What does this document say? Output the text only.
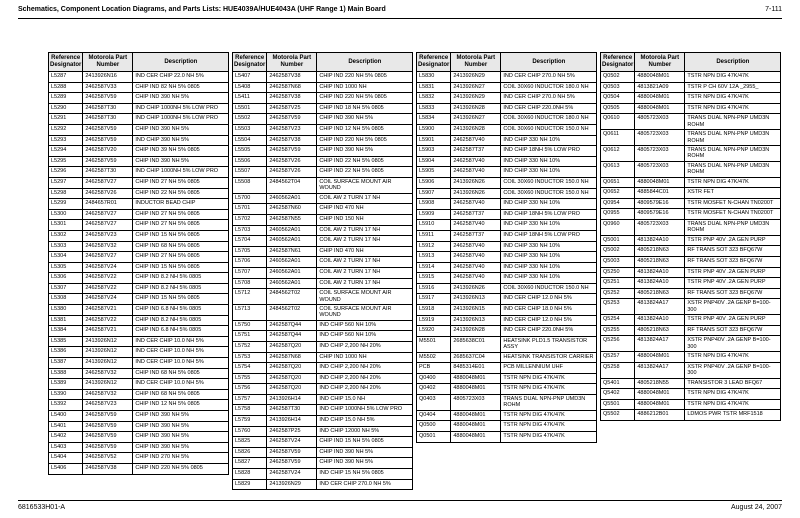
Schematics, Component Location Diagrams, and Parts Lists: HUE4039A/HUE4043A (UHF Range 1) Main Board	7-111
Reference Designator	Motorola Part Number	Description
L5287	2413926N16	IND CER CHIP 22.0 NH 5%
L5288	2462587V33	CHIP IND 82 NH 5% 0805
L5289	2462587V59	CHIP IND 390 NH 5%
L5290	2462587T30	IND CHIP 1000NH 5% LOW PRO
L5291	2462587T30	IND CHIP 1000NH 5% LOW PRO
L5292	2462587V59	CHIP IND 390 NH 5%
L5293	2462587V59	IND CHIP 390 NH 5%
L5294	2462587V20	CHIP IND 39 NH 5% 0805
L5295	2462587V59	CHIP IND 390 NH 5%
L5296	2462587T30	IND CHIP 1000NH 5% LOW PRO
L5297	2462587V27	CHIP IND 27 NH 5% 0805
L5298	2462587V26	CHIP IND 22 NH 5% 0805
L5299	2484657R01	INDUCTOR BEAD CHIP
L5300	2462587V27	CHIP IND 27 NH 5% 0805
L5301	2462587V27	CHIP IND 27 NH 5% 0805
L5302	2462587V23	CHIP IND 15 NH 5% 0805
L5303	2462587V32	CHIP IND 68 NH 5% 0805
L5304	2462587V27	CHIP IND 27 NH 5% 0805
L5305	2462587V24	CHIP IND 15 NH 5% 0805
L5306	2462587V22	CHIP IND 8.2 NH 5% 0805
L5307	2462587V22	CHIP IND 8.2 NH 5% 0805
L5308	2462587V24	CHIP IND 15 NH 5% 0805
L5380	2462587V21	CHIP IND 6.8 NH 5% 0805
L5381	2462587V22	CHIP IND 8.2 NH 5% 0805
L5384	2462587V21	CHIP IND 6.8 NH 5% 0805
L5385	2413926N12	IND CER CHIP 10.0 NH 5%
L5386	2413926N12	IND CER CHIP 10.0 NH 5%
L5387	2413926N12	IND CER CHIP 10.0 NH 5%
L5388	2462587V32	CHIP IND 68 NH 5% 0805
L5389	2413926N12	IND CER CHIP 10.0 NH 5%
L5390	2462587V32	CHIP IND 68 NH 5% 0805
L5392	2462587V23	CHIP IND 12 NH 5% 0805
L5400	2462587V59	CHIP IND 390 NH 5%
L5401	2462587V59	CHIP IND 390 NH 5%
L5402	2462587V59	CHIP IND 390 NH 5%
L5403	2462587V59	CHIP IND 390 NH 5%
L5404	2462587V52	CHIP IND 270 NH 5%
L5406	2462587V38	CHIP IND 220 NH 5% 0805
Reference Designator	Motorola Part Number	Description
L5407	2462587V38	CHIP IND 220 NH 5% 0805
L5408	2462587N68	CHIP IND 1000 NH
L5411	2462587V38	CHIP IND 220 NH 5% 0805
L5501	2462587V25	CHIP IND 18 NH 5% 0805
L5502	2462587V59	CHIP IND 390 NH 5%
L5503	2462587V23	CHIP IND 12 NH 5% 0805
L5504	2462587V38	CHIP IND 220 NH 5% 0805
L5505	2462587V59	CHIP IND 390 NH 5%
L5506	2462587V26	CHIP IND 22 NH 5% 0805
L5507	2462587V26	CHIP IND 22 NH 5% 0805
L5508	2484562T04	COIL SURFACE MOUNT AIR WOUND
L5700	2460562A01	COIL AW 2 TURN 17 NH
L5701	2462587N60	CHIP IND 470 NH
L5702	2462587N55	CHIP IND 150 NH
L5703	2460562A01	COIL AW 2 TURN 17 NH
L5704	2460562A01	COIL AW 2 TURN 17 NH
L5705	2462587N61	CHIP IND 470 NH
L5706	2460562A01	COIL AW 2 TURN 17 NH
L5707	2460562A01	COIL AW 2 TURN 17 NH
L5708	2460562A01	COIL AW 2 TURN 17 NH
L5712	2484562T02	COIL SURFACE MOUNT AIR WOUND
L5713	2484562T02	COIL SURFACE MOUNT AIR WOUND
L5750	2462587Q44	IND CHIP 560 NH 10%
L5751	2462587Q44	IND CHIP 560 NH 10%
L5752	2462587Q20	IND CHIP 2,200 NH 20%
L5753	2462587N68	CHIP IND 1000 NH
L5754	2462587Q20	IND CHIP 2,200 NH 20%
L5755	2462587Q20	IND CHIP 2,200 NH 20%
L5756	2462587Q20	IND CHIP 2,200 NH 20%
L5757	2413926H14	IND CHIP 15.0 NH
L5758	2462587T30	IND CHIP 1000NH 5% LOW PRO
L5759	2413926H14	IND CHIP 15.0 NH 5%
L5760	2462587P25	IND CHIP 12000 NH 5%
L5825	2462587V24	CHIP IND 15 NH 5% 0805
L5826	2462587V59	CHIP IND 390 NH 5%
L5827	2462587V59	CHIP IND 390 NH 5%
L5828	2462587V24	IND CHIP 15 NH 5% 0805
L5829	2413926N29	IND CER CHIP 270.0 NH 5%
Reference Designator	Motorola Part Number	Description
L5830	2413926N29	IND CER CHIP 270.0 NH 5%
L5831	2413926N27	COIL 30X60 INDUCTOR 180.0 NH
L5832	2413926N29	IND CER CHIP 270.0 NH 5%
L5833	2413926N28	IND CER CHIP 220.0NH 5%
L5834	2413926N27	COIL 30X60 INDUCTOR 180.0 NH
L5900	2413926N28	COIL 30X60 INDUCTOR 150.0 NH
L5901	2462587V40	IND CHIP 330 NH 10%
L5903	2462587T37	IND CHIP 18NH 5% LOW PRO
L5904	2462587V40	IND CHIP 330 NH 10%
L5905	2462587V40	IND CHIP 330 NH 10%
L5906	2413926N26	COIL 30X60 INDUCTOR 150.0 NH
L5907	2413926N26	COIL 30X60 INDUCTOR 150.0 NH
L5908	2462587V40	IND CHIP 330 NH 10%
L5909	2462587T37	IND CHIP 18NH 5% LOW PRO
L5910	2462587V40	IND CHIP 330 NH 10%
L5911	2462587T37	IND CHIP 18NH 5% LOW PRO
L5912	2462587V40	IND CHIP 330 NH 10%
L5913	2462587V40	IND CHIP 330 NH 10%
L5914	2462587V40	IND CHIP 330 NH 10%
L5915	2462587V40	IND CHIP 330 NH 10%
L5916	2413926N26	COIL 30X60 INDUCTOR 150.0 NH
L5917	2413926N13	IND CER CHIP 12.0 NH 5%
L5918	2413926N15	IND CER CHIP 18.0 NH 5%
L5919	2413926N13	IND CER CHIP 12.0 NH 5%
L5920	2413926N28	IND CER CHIP 220.0NH 5%
M5501	2685638C01	HEATSINK PLD1.5 TRANSISTOR ASSY
M5502	2685637C04	HEATSINK TRANSISTOR CARRIER
PCB	8485314E01	PCB MILLENNIUM UHF
Q0400	4880048M01	TSTR NPN DIG 47K/47K
Q0402	4880048M01	TSTR NPN DIG 47K/47K
Q0403	4805723X03	TRANS DUAL NPN-PNP UMD3N ROHM
Q0404	4880048M01	TSTR NPN DIG 47K/47K
Q0500	4880048M01	TSTR NPN DIG 47K/47K
Q0501	4880048M01	TSTR NPN DIG 47K/47K
Reference Designator	Motorola Part Number	Description
Q0502	4880048M01	TSTR NPN DIG 47K/47K
Q0503	4813821A09	TSTR P CH 60V 12A _2955_
Q0504	4880048M01	TSTR NPN DIG 47K/47K
Q0505	4880048M01	TSTR NPN DIG 47K/47K
Q0610	4805723X03	TRANS DUAL NPN-PNP UMD3N ROHM
Q0611	4805723X03	TRANS DUAL NPN-PNP UMD3N ROHM
Q0612	4805723X03	TRANS DUAL NPN-PNP UMD3N ROHM
Q0613	4805723X03	TRANS DUAL NPN-PNP UMD3N ROHM
Q0651	4880048M01	TSTR NPN DIG 47K/47K
Q0652	4885844C01	XSTR FET
Q0954	4809579E16	TSTR MOSFET N-CHAN TN0200T
Q0955	4809579E16	TSTR MOSFET N-CHAN TN0200T
Q0960	4805723X03	TRANS DUAL NPN-PNP UMD3N ROHM
Q5001	4813824A10	TSTR PNP 40V .2A GEN PURP
Q5002	4805218N63	RF TRANS SOT 323 BFQ67W
Q5003	4805218N63	RF TRANS SOT 323 BFQ67W
Q5250	4813824A10	TSTR PNP 40V .2A GEN PURP
Q5251	4813824A10	TSTR PNP 40V .2A GEN PURP
Q5252	4805218N63	RF TRANS SOT 323 BFQ67W
Q5253	4813824A17	XSTR PNP40V .2A GENP B=100-300
Q5254	4813824A10	TSTR PNP 40V .2A GEN PURP
Q5255	4805218N63	RF TRANS SOT 323 BFQ67W
Q5256	4813824A17	XSTR PNP40V .2A GENP B=100-300
Q5257	4880048M01	TSTR NPN DIG 47K/47K
Q5258	4813824A17	XSTR PNP40V .2A GENP B=100-300
Q5401	4805218N55	TRANSISTOR 3 LEAD BFQ67
Q5402	4880048M01	TSTR NPN DIG 47K/47K
Q5501	4880048M01	TSTR NPN DIG 47K/47K
Q5502	4886212B01	LDMOS PWR TSTR MRF1518
6816533H01-A	August 24, 2007
